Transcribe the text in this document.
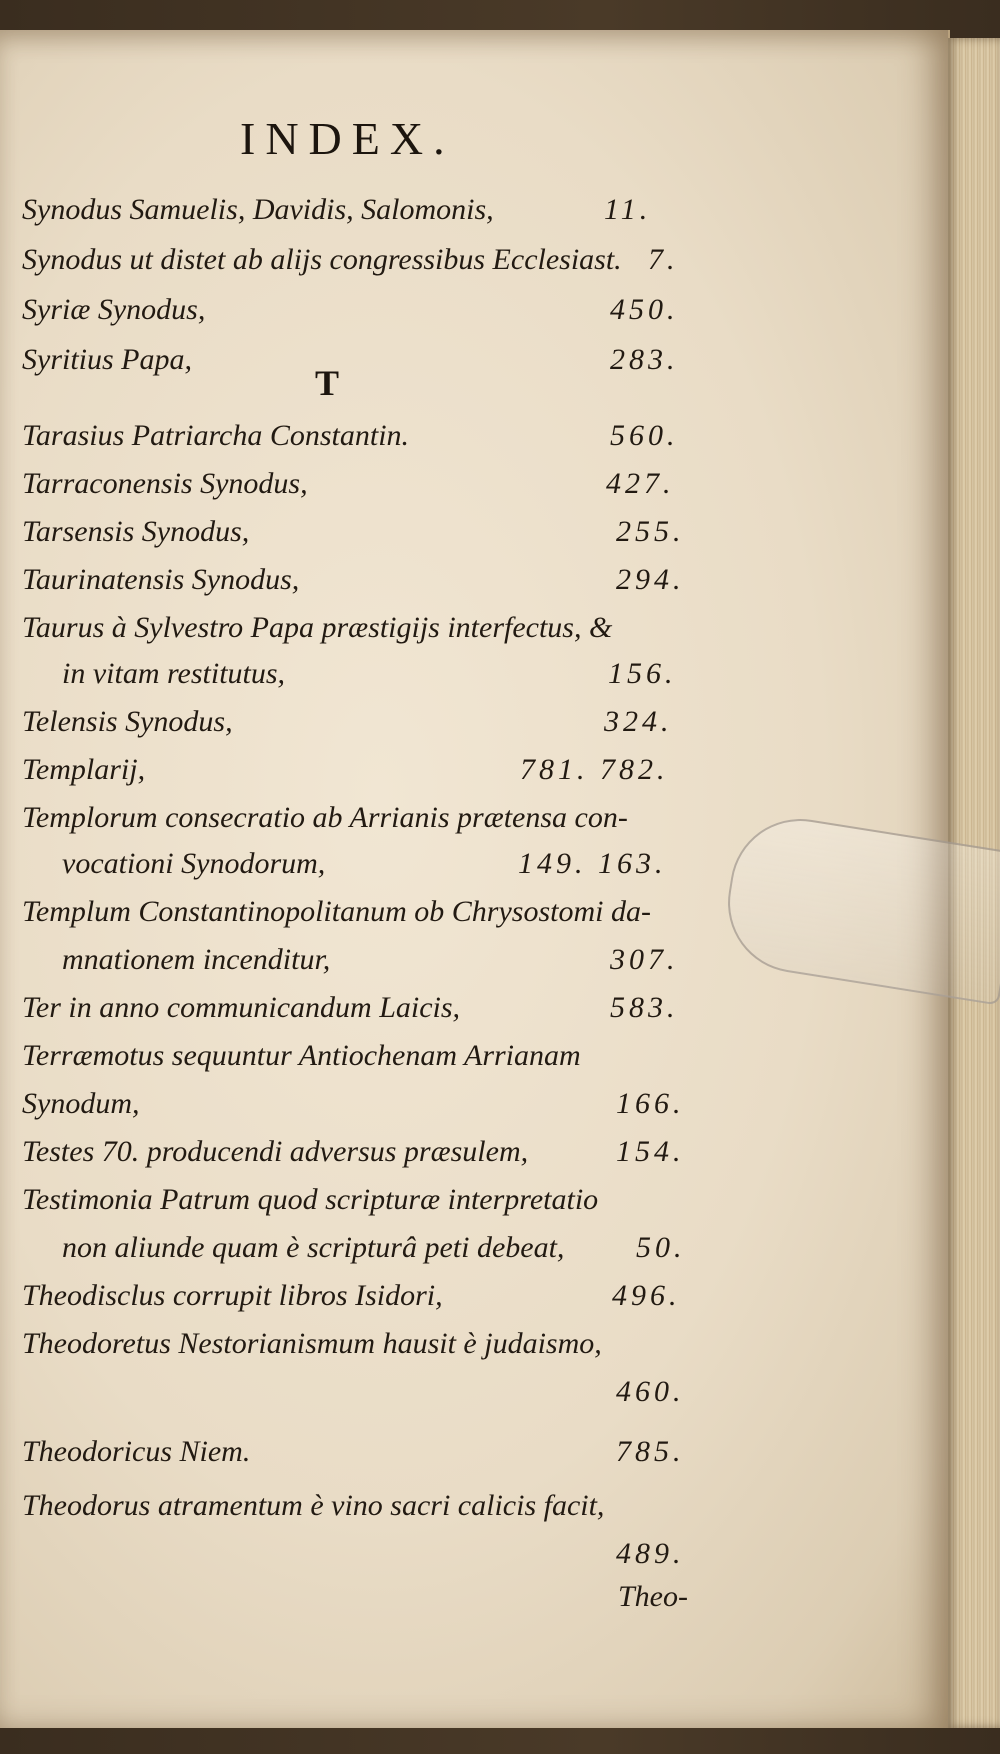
INDEX.
T
Synodus Samuelis, Davidis, Salomonis,	11.
Synodus ut distet ab alijs congressibus Ecclesiast. 7.
Syriæ Synodus,	450.
Syritius Papa,	283.
Tarasius Patriarcha Constantin.	560.
Tarraconensis Synodus,	427.
Tarsensis Synodus,	255.
Taurinatensis Synodus,	294.
Taurus à Sylvestro Papa præstigijs interfectus, &
in vitam restitutus,	156.
Telensis Synodus,	324.
Templarij,	781. 782.
Templorum consecratio ab Arrianis prætensa con-
vocationi Synodorum,	149. 163.
Templum Constantinopolitanum ob Chrysostomi da-
mnationem incenditur,	307.
Ter in anno communicandum Laicis,	583.
Terræmotus sequuntur Antiochenam Arrianam
Synodum,	166.
Testes 70. producendi adversus præsulem,	154.
Testimonia Patrum quod scripturæ interpretatio
non aliunde quam è scripturâ peti debeat, 50.
Theodisclus corrupit libros Isidori,	496.
Theodoretus Nestorianismum hausit è judaismo,
460.
Theodoricus Niem.	785.
Theodorus atramentum è vino sacri calicis facit,
489.
Theo-
